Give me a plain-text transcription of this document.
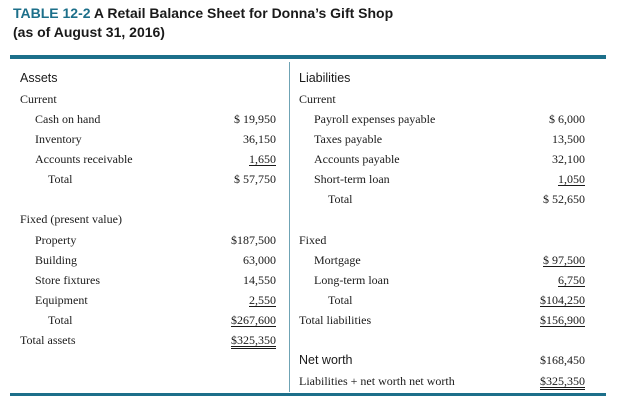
TABLE 12-2 A Retail Balance Sheet for Donna’s Gift Shop
(as of August 31, 2016)
Assets
Current
Cash on hand	$ 19,950
Inventory	36,150
Accounts receivable	1,650
Total	$ 57,750
Fixed (present value)
Property	$187,500
Building	63,000
Store fixtures	14,550
Equipment	2,550
Total	$267,600
Total assets	$325,350
Liabilities
Current
Payroll expenses payable	$ 6,000
Taxes payable	13,500
Accounts payable	32,100
Short-term loan	1,050
Total	$ 52,650
Fixed
Mortgage	$ 97,500
Long-term loan	6,750
Total	$104,250
Total liabilities	$156,900
Net worth	$168,450
Liabilities + net worth net worth	$325,350
